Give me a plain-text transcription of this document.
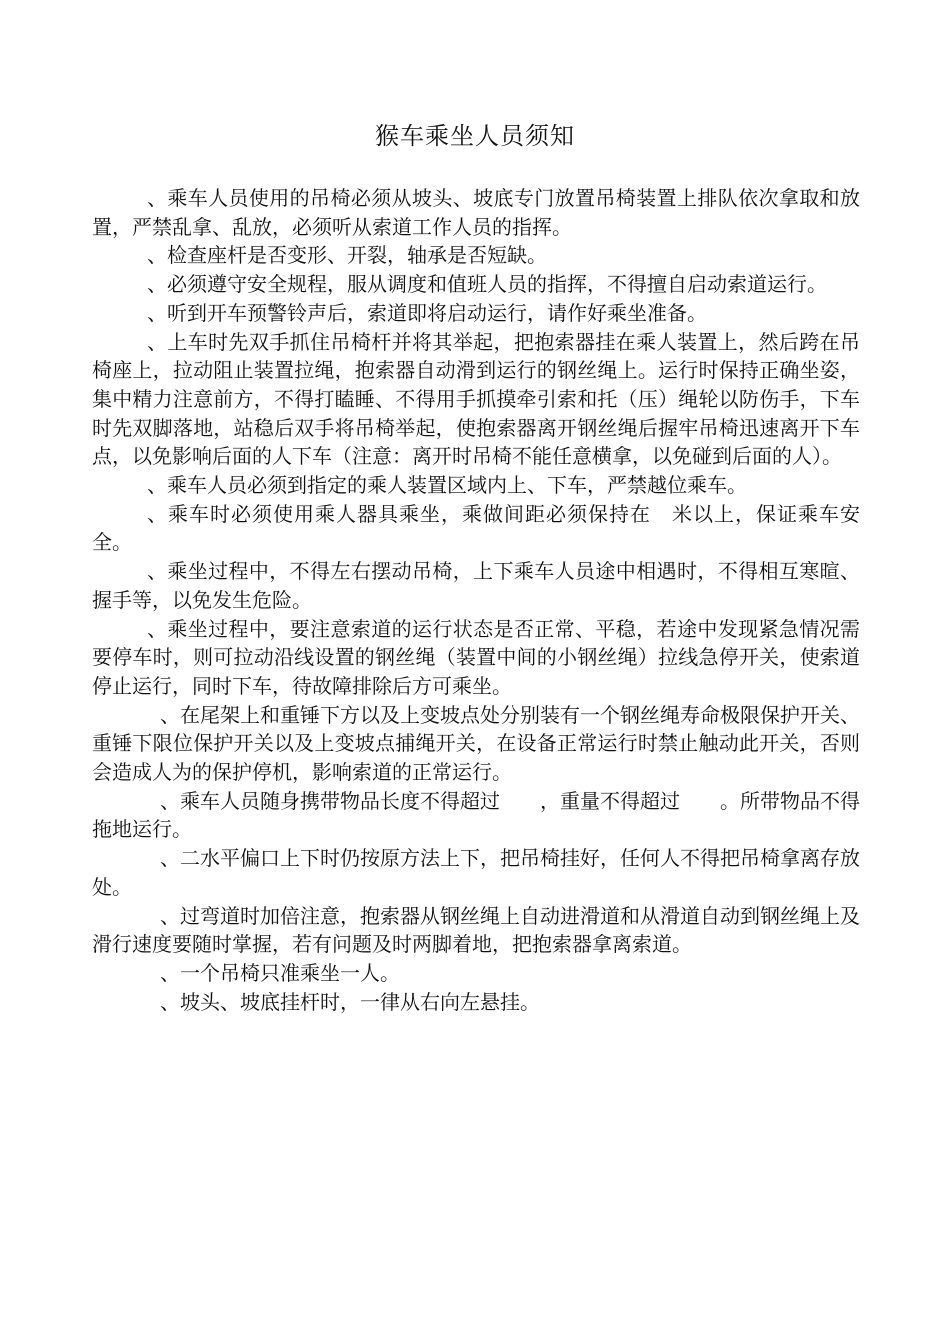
猴车乘坐人员须知

、乘车人员使用的吊椅必须从坡头、坡底专门放置吊椅装置上排队依次拿取和放置，严禁乱拿、乱放，必须听从索道工作人员的指挥。

、检查座杆是否变形、开裂，轴承是否短缺。

、必须遵守安全规程，服从调度和值班人员的指挥，不得擅自启动索道运行。

、听到开车预警铃声后，索道即将启动运行，请作好乘坐准备。

、上车时先双手抓住吊椅杆并将其举起，把抱索器挂在乘人装置上，然后跨在吊椅座上，拉动阻止装置拉绳，抱索器自动滑到运行的钢丝绳上。运行时保持正确坐姿，集中精力注意前方，不得打瞌睡、不得用手抓摸牵引索和托（压）绳轮以防伤手，下车时先双脚落地，站稳后双手将吊椅举起，使抱索器离开钢丝绳后握牢吊椅迅速离开下车点，以免影响后面的人下车（注意：离开时吊椅不能任意横拿，以免碰到后面的人）。

、乘车人员必须到指定的乘人装置区域内上、下车，严禁越位乘车。

、乘车时必须使用乘人器具乘坐，乘做间距必须保持在　米以上，保证乘车安全。

、乘坐过程中，不得左右摆动吊椅，上下乘车人员途中相遇时，不得相互寒暄、握手等，以免发生危险。

、乘坐过程中，要注意索道的运行状态是否正常、平稳，若途中发现紧急情况需要停车时，则可拉动沿线设置的钢丝绳（装置中间的小钢丝绳）拉线急停开关，使索道停止运行，同时下车，待故障排除后方可乘坐。

、在尾架上和重锤下方以及上变坡点处分别装有一个钢丝绳寿命极限保护开关、重锤下限位保护开关以及上变坡点捕绳开关，在设备正常运行时禁止触动此开关，否则会造成人为的保护停机，影响索道的正常运行。

、乘车人员随身携带物品长度不得超过　　，重量不得超过　　。所带物品不得拖地运行。

、二水平偏口上下时仍按原方法上下，把吊椅挂好，任何人不得把吊椅拿离存放处。

、过弯道时加倍注意，抱索器从钢丝绳上自动进滑道和从滑道自动到钢丝绳上及滑行速度要随时掌握，若有问题及时两脚着地，把抱索器拿离索道。

、一个吊椅只准乘坐一人。

、坡头、坡底挂杆时，一律从右向左悬挂。
